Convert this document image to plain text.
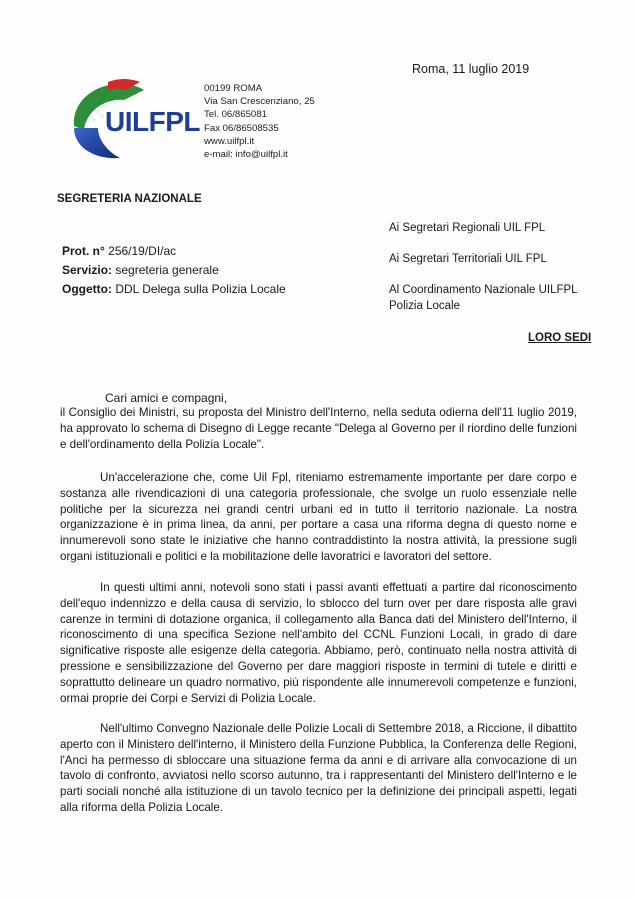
UILFPL
00199 ROMA
Via San Crescenziano, 25
Tel. 06/865081
Fax 06/86508535
www.uilfpl.it
e-mail: info@uilfpl.it
Roma, 11 luglio 2019
SEGRETERIA NAZIONALE
Prot. n° 256/19/DI/ac
Servizio: segreteria generale
Oggetto: DDL Delega sulla Polizia Locale
Ai Segretari Regionali UIL FPL
Ai Segretari Territoriali UIL FPL
Al Coordinamento Nazionale UILFPL
Polizia Locale
LORO SEDI
Cari amici e compagni,
il Consiglio dei Ministri, su proposta del Ministro dell'Interno, nella seduta odierna dell'11 luglio 2019, ha approvato lo schema di Disegno di Legge recante "Delega al Governo per il riordino delle funzioni e dell'ordinamento della Polizia Locale".
Un'accelerazione che, come Uil Fpl, riteniamo estremamente importante per dare corpo e sostanza alle rivendicazioni di una categoria professionale, che svolge un ruolo essenziale nelle politiche per la sicurezza nei grandi centri urbani ed in tutto il territorio nazionale. La nostra organizzazione è in prima linea, da anni, per portare a casa una riforma degna di questo nome e innumerevoli sono state le iniziative che hanno contraddistinto la nostra attività, la pressione sugli organi istituzionali e politici e la mobilitazione delle lavoratrici e lavoratori del settore.
In questi ultimi anni, notevoli sono stati i passi avanti effettuati a partire dal riconoscimento dell'equo indennizzo e della causa di servizio, lo sblocco del turn over per dare risposta alle gravi carenze in termini di dotazione organica, il collegamento alla Banca dati del Ministero dell'Interno, il riconoscimento di una specifica Sezione nell'ambito del CCNL Funzioni Locali, in grado di dare significative risposte alle esigenze della categoria. Abbiamo, però, continuato nella nostra attività di pressione e sensibilizzazione del Governo per dare maggiori risposte in termini di tutele e diritti e soprattutto delineare un quadro normativo, più rispondente alle innumerevoli competenze e funzioni, ormai proprie dei Corpi e Servizi di Polizia Locale.
Nell'ultimo Convegno Nazionale delle Polizie Locali di Settembre 2018, a Riccione, il dibattito aperto con il Ministero dell'interno, il Ministero della Funzione Pubblica, la Conferenza delle Regioni, l'Anci ha permesso di sbloccare una situazione ferma da anni e di arrivare alla convocazione di un tavolo di confronto, avviatosi nello scorso autunno, tra i rappresentanti del Ministero dell'Interno e le parti sociali nonché alla istituzione di un tavolo tecnico per la definizione dei principali aspetti, legati alla riforma della Polizia Locale.
